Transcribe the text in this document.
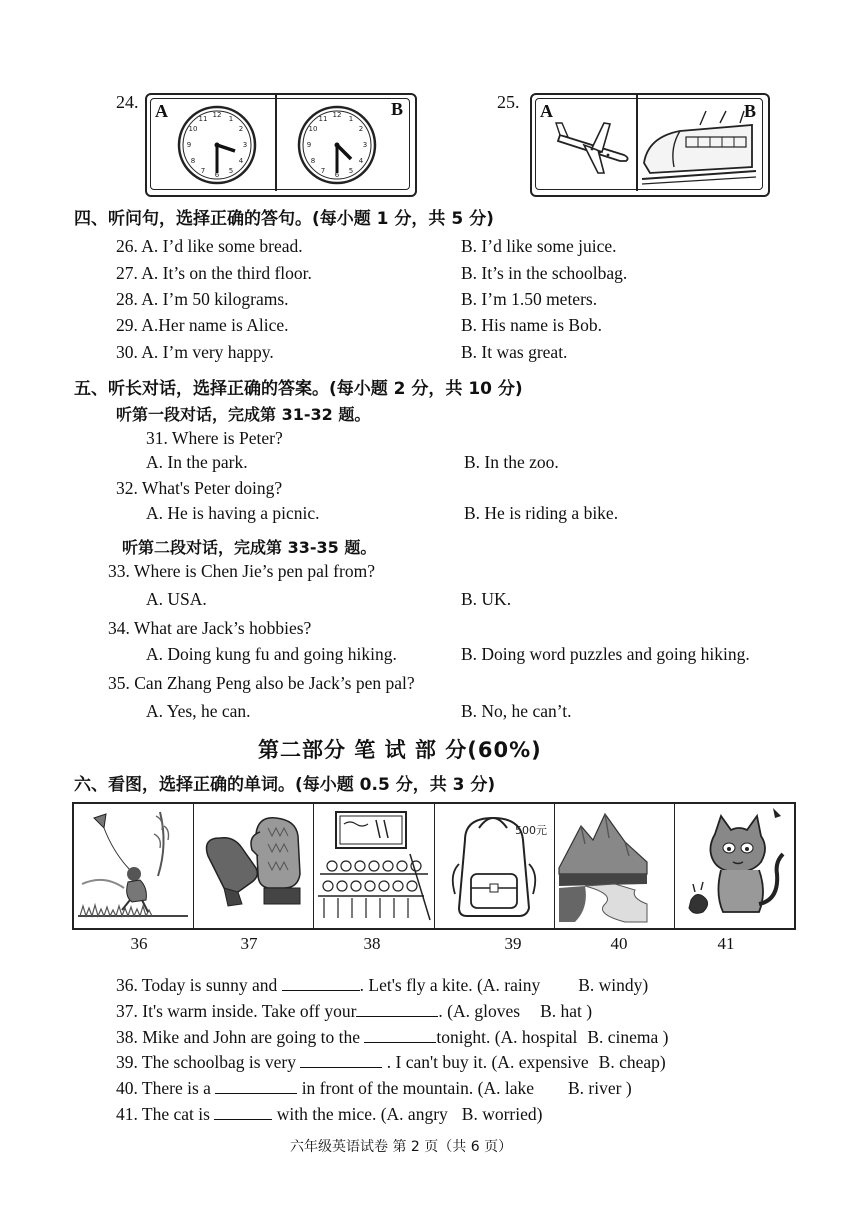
24. A	B
12 1
2
3
4
5
6
7
8
9
10
11	12 1
2
3
4
5
6
7
8
9
10
11
25. A	B
四、听问句，选择正确的答句。(每小题 1 分，共 5 分)
26. A. I’d like some bread.	B. I’d like some juice.
27. A. It’s on the third floor.	B. It’s in the schoolbag.
28. A. I’m 50 kilograms.	B. I’m 1.50 meters.
29. A.Her name is Alice.	B. His name is Bob.
30. A. I’m very happy.	B. It was great.
五、听长对话，选择正确的答案。(每小题 2 分，共 10 分)
听第一段对话，完成第 31-32 题。
31. Where is Peter?
A. In the park.	B. In the zoo.
32. What's Peter doing?
A. He is having a picnic.	B. He is riding a bike.
听第二段对话，完成第 33-35 题。
33. Where is Chen Jie’s pen pal from?
A. USA.	B. UK.
34. What are Jack’s hobbies?
A. Doing kung fu and going hiking.	B. Doing word puzzles and going hiking.
35. Can Zhang Peng also be Jack’s pen pal?
A. Yes, he can.	B. No, he can’t.
第二部分 笔 试 部 分(60%)
六、看图，选择正确的单词。(每小题 0.5 分，共 3 分)
500元
36	37	38	39	40	41
36. Today is sunny and	. Let's fly a kite. (A. rainy B. windy)
37. It's warm inside. Take off your	. (A. gloves B. hat )
38. Mike and John are going to the	tonight. (A. hospital B. cinema )
39. The schoolbag is very	. I can't buy it. (A. expensive B. cheap)
40. There is a	in front of the mountain. (A. lake B. river )
41. The cat is	with the mice. (A. angry B. worried)
六年级英语试卷 第 2 页（共 6 页）
